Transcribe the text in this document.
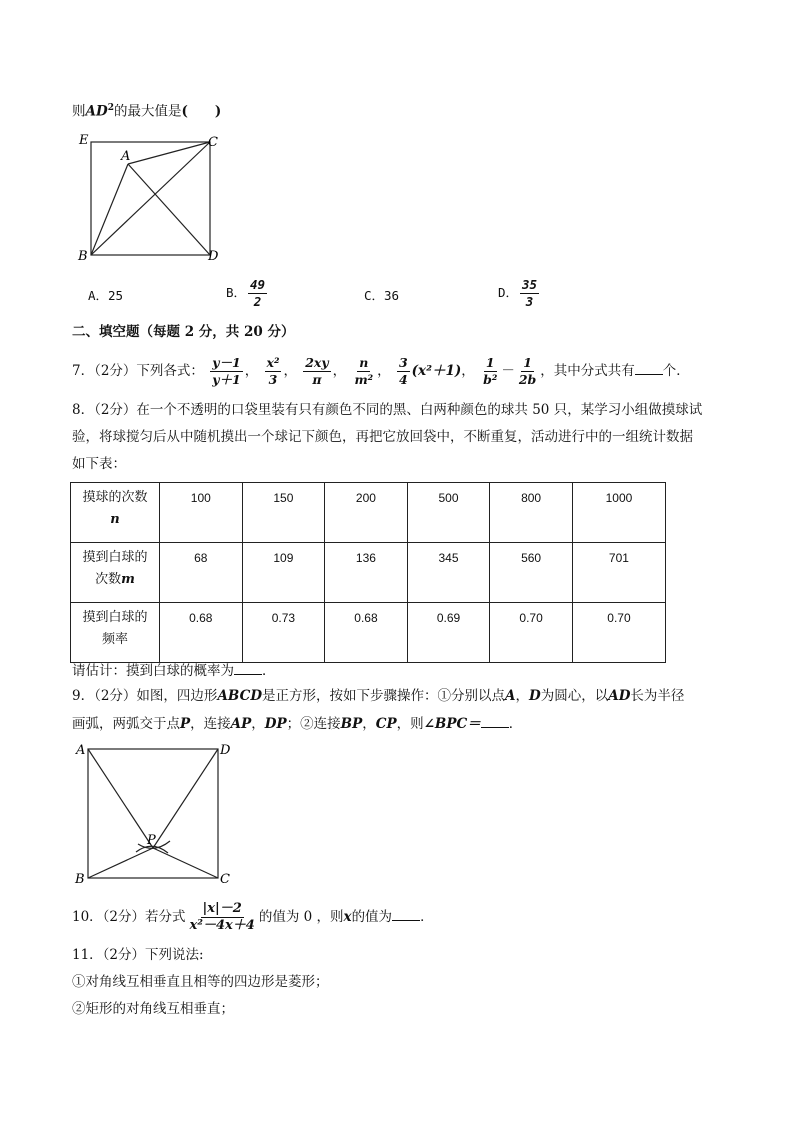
则$AD^2$的最大值是(　　)
E	C
A
B	D
A．25	B． $\frac{49}{2}$	C．36	D． $\frac{35}{3}$
二、填空题（每题 2 分，共 20 分）
7．（2分）下列各式： $\frac{y-1}{y+1}$ ， $\frac{\text{x²}}{3}$ ， $\frac{2xy}{\pi}$ ， $\frac{n}{\text{m²}}$ ， $\frac{3}{4} (x^2+1)$， $\frac{1}{\text{b²}} - \frac{1}{2b}$ ，其中分式共有 个．
8．（2分）在一个不透明的口袋里装有只有颜色不同的黑、白两种颜色的球共 50 只，某学习小组做摸球试
验，将球搅匀后从中随机摸出一个球记下颜色，再把它放回袋中，不断重复，活动进行中的一组统计数据
如下表：
摸球的次数
n	100	150	200	500	800	1000
摸到白球的
次数m	68	109	136	345	560	701
摸到白球的
频率	0.68	0.73	0.68	0.69	0.70	0.70
请估计：摸到白球的概率为 ．
9．（2分）如图，四边形ABCD是正方形，按如下步骤操作：①分别以点A，D为圆心，以AD长为半径
画弧，两弧交于点P，连接AP，DP；②连接BP，CP，则∠BPC＝ ．
A	D
P
B	C
10．（2分）若分式 $\frac{|x|-2}{\text{x²－4x＋4}}$ 的值为 0 ，则x的值为 ．
11．（2分）下列说法:
①对角线互相垂直且相等的四边形是菱形；
②矩形的对角线互相垂直；
